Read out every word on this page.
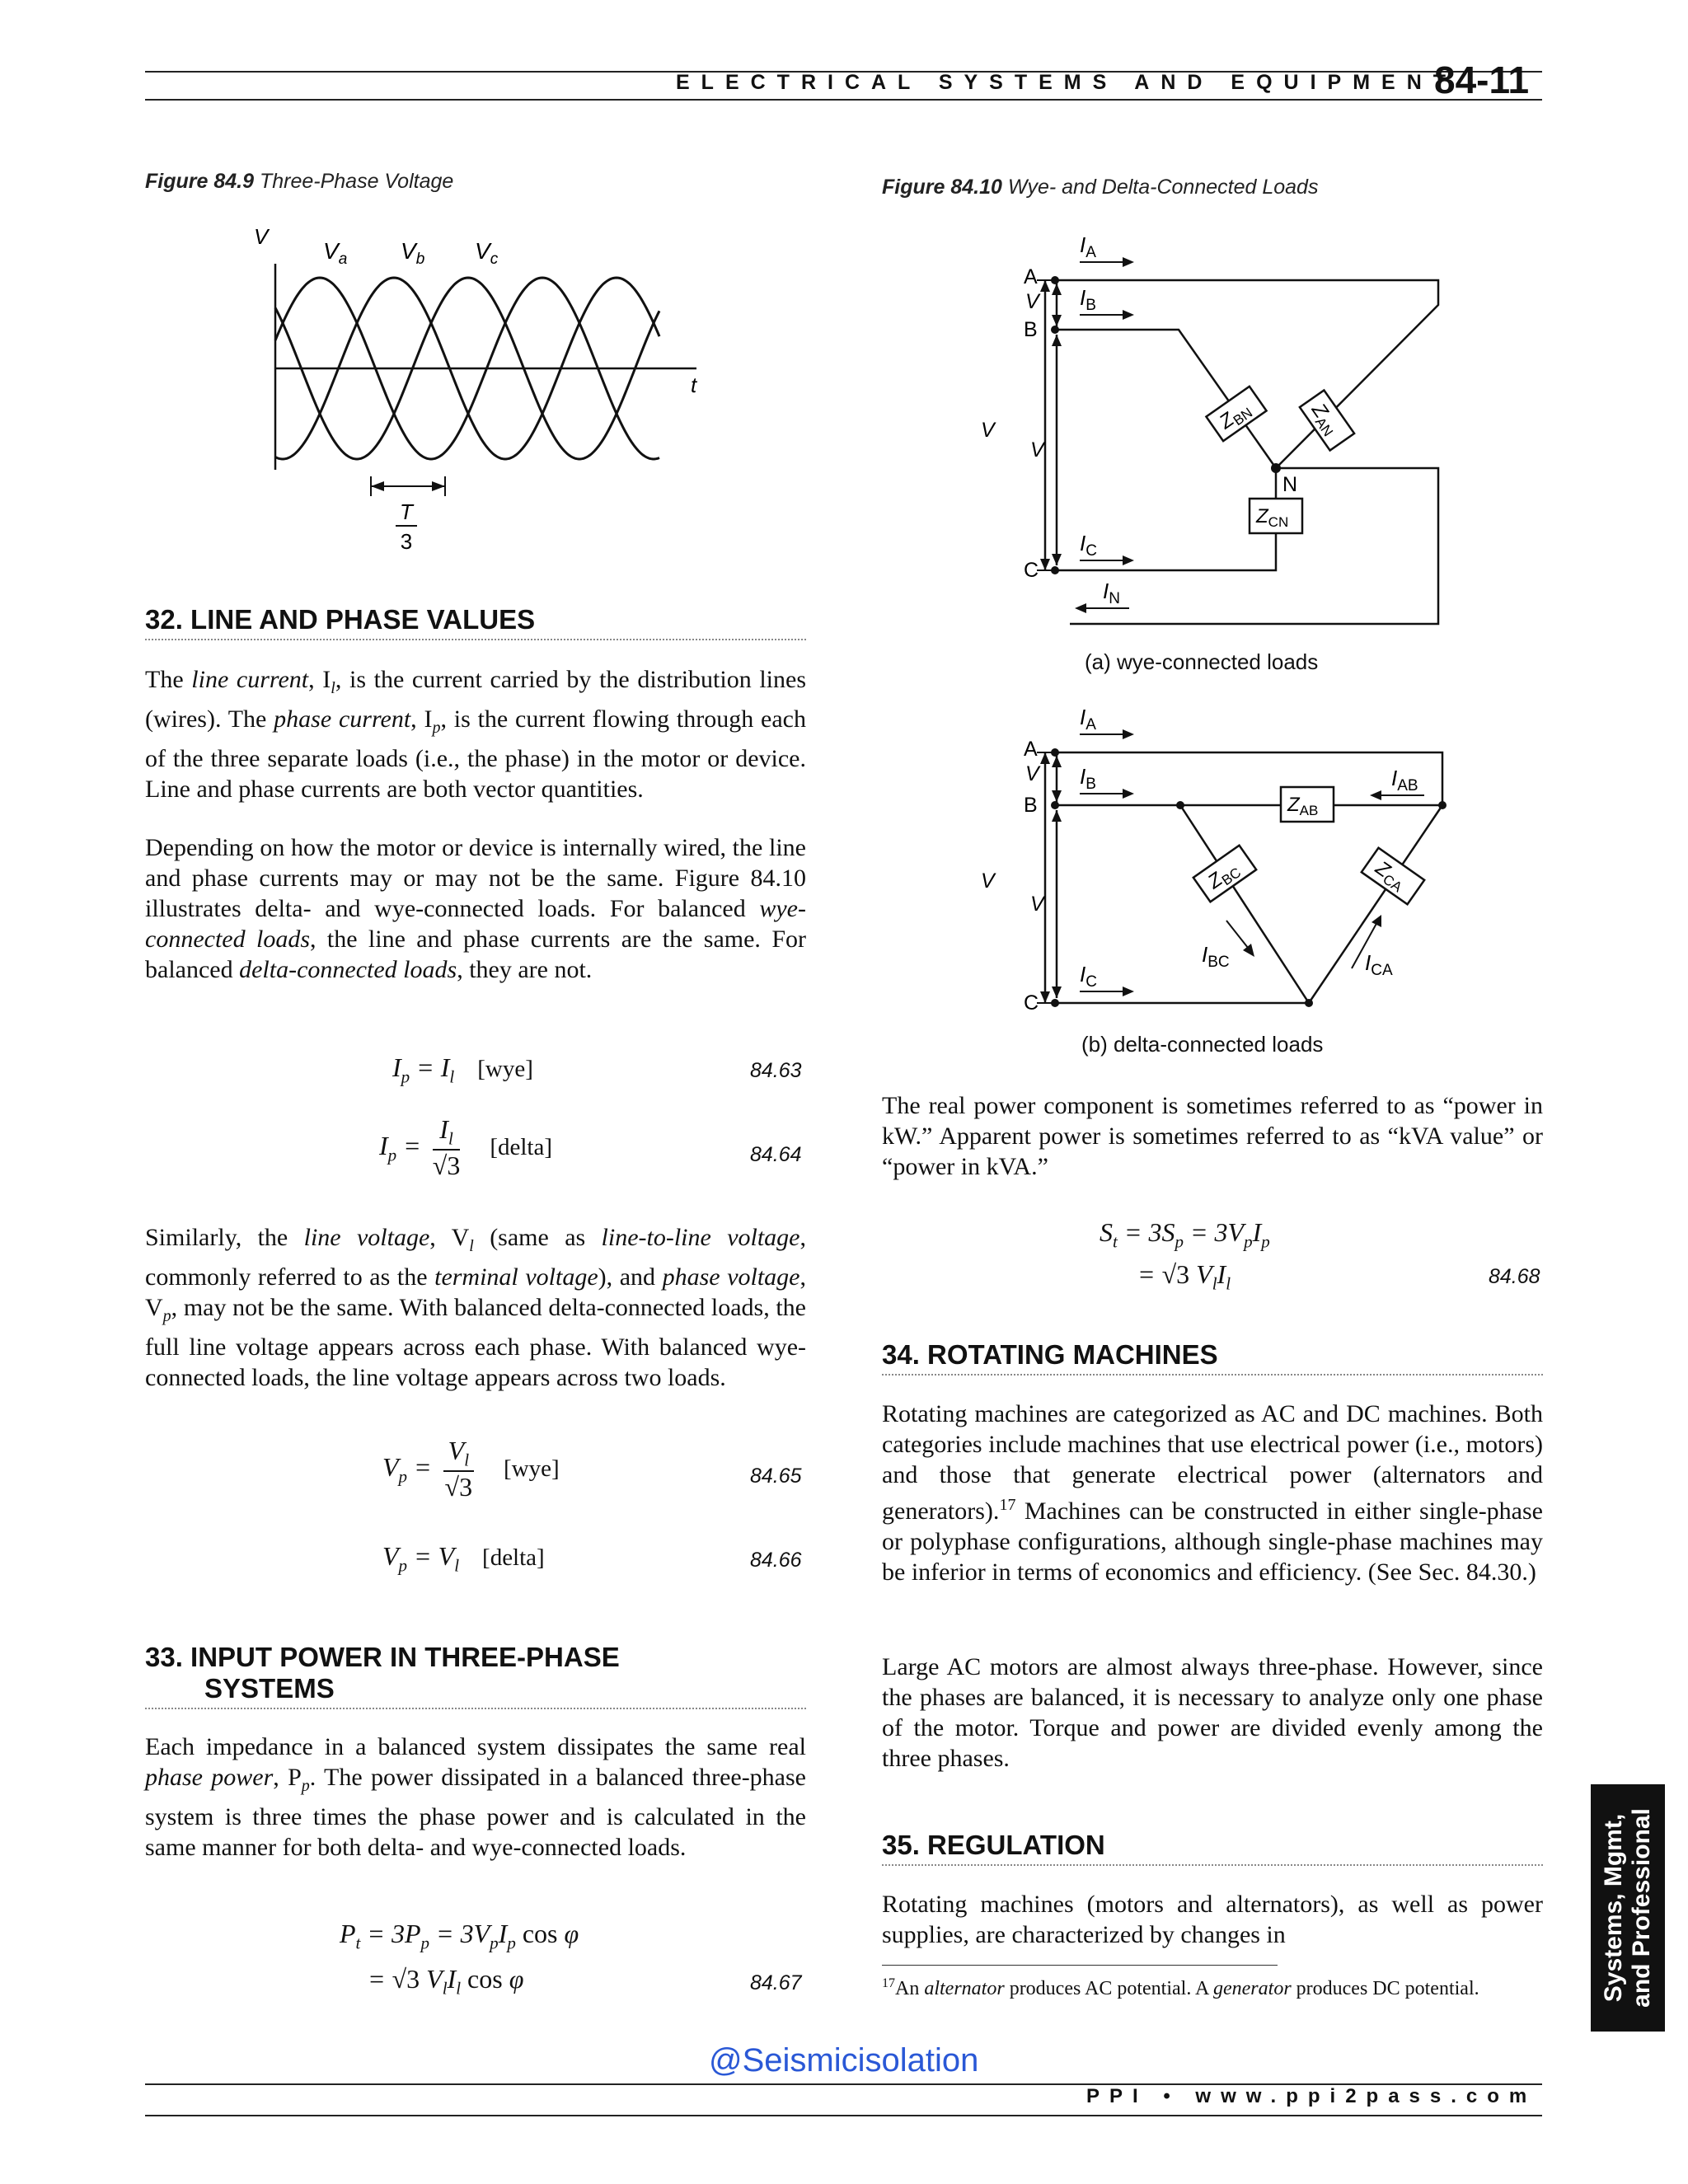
ELECTRICAL SYSTEMS AND EQUIPMENT
84-11
Figure 84.9 Three-Phase Voltage
V
t
$V_a$ $V_b$ $V_c$
T
3
Figure 84.10 Wye- and Delta-Connected Loads
A
V
B
V
V
C
N
$I_A$
$I_B$
$I_C$
$I_N$
$Z_{BN}$	$Z_{AN}$
$Z_{CN}$
(a) wye-connected loads
A
V
B
V
V
C
$I_A$
$I_B$
$I_C$
$I_{AB}$
$I_{BC}$	$I_{CA}$
$Z_{AB}$
$Z_{BC}$	$Z_{CA}$
(b) delta-connected loads
32. LINE AND PHASE VALUES
The line current, $I_l$, is the current carried by the distribution lines (wires). The phase current, $I_p$, is the current flowing through each of the three separate loads (i.e., the phase) in the motor or device. Line and phase currents are both vector quantities.
Depending on how the motor or device is internally wired, the line and phase currents may or may not be the same. Figure 84.10 illustrates delta- and wye-connected loads. For balanced wye-connected loads, the line and phase currents are the same. For balanced delta-connected loads, they are not.
$I_p = I_l$ [wye]	84.63
$I_p = \frac{I_l}{√3}$ [delta]	84.64
Similarly, the line voltage, $V_l$ (same as line-to-line voltage, commonly referred to as the terminal voltage), and phase voltage, $V_p$, may not be the same. With balanced delta-connected loads, the full line voltage appears across each phase. With balanced wye-connected loads, the line voltage appears across two loads.
$V_p = \frac{V_l}{√3} [wye]$	84.65
$V_p = V_l$ [delta]	84.66
33. INPUT POWER IN THREE-PHASE
SYSTEMS
Each impedance in a balanced system dissipates the same real phase power, $P_p$. The power dissipated in a balanced three-phase system is three times the phase power and is calculated in the same manner for both delta- and wye-connected loads.
$P_t = 3P_p = 3V_pI_p$ cos φ
= √3 $V_lI_l$ cos φ	84.67
The real power component is sometimes referred to as “power in kW.” Apparent power is sometimes referred to as “kVA value” or “power in kVA.”
$S_t = 3S_p = 3V_pI_p$
= √3 $V_lI_l$	84.68
34. ROTATING MACHINES
Rotating machines are categorized as AC and DC machines. Both categories include machines that use electrical power (i.e., motors) and those that generate electrical power (alternators and generators).$^{17}$ Machines can be constructed in either single-phase or polyphase configurations, although single-phase machines may be inferior in terms of economics and efficiency. (See Sec. 84.30.)
Large AC motors are almost always three-phase. However, since the phases are balanced, it is necessary to analyze only one phase of the motor. Torque and power are divided evenly among the three phases.
35. REGULATION
Rotating machines (motors and alternators), as well as power supplies, are characterized by changes in
$^{17}$An alternator produces AC potential. A generator produces DC potential.	Systems, Mgmt, and Professional
@Seismicisolation
PPI • www.ppi2pass.com
